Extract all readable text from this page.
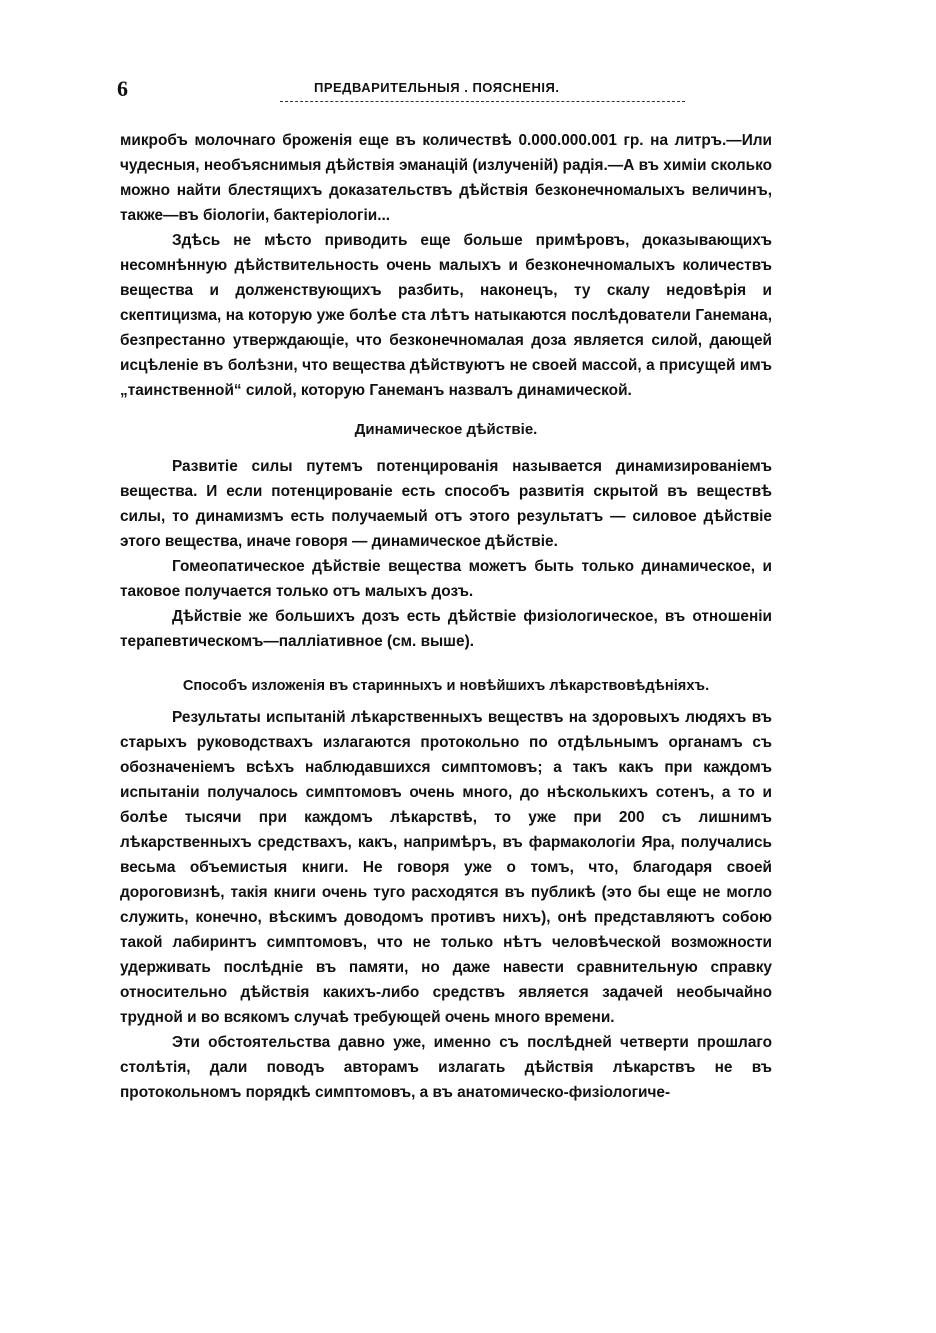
6	ПРЕДВАРИТЕЛЬНЫЯ . ПОЯСНЕНІЯ.

микробъ молочнаго броженія еще въ количествѣ 0.000.000.001 гр. на литръ.—Или чудесныя, необъяснимыя дѣйствія эманацій (излученій) радія.—А въ химіи сколько можно найти блестящихъ доказательствъ дѣйствія безконечномалыхъ величинъ, также—въ біологіи, бактеріологіи...

Здѣсь не мѣсто приводить еще больше примѣровъ, доказывающихъ несомнѣнную дѣйствительность очень малыхъ и безконечномалыхъ количествъ вещества и долженствующихъ разбить, наконецъ, ту скалу недовѣрія и скептицизма, на которую уже болѣе ста лѣтъ натыкаются послѣдователи Ганемана, безпрестанно утверждающіе, что безконечномалая доза является силой, дающей исцѣленіе въ болѣзни, что вещества дѣйствуютъ не своей массой, а присущей имъ „таинственной“ силой, которую Ганеманъ назвалъ динамической.

Динамическое дѣйствіе.

Развитіе силы путемъ потенцированія называется динамизированіемъ вещества. И если потенцированіе есть способъ развитія скрытой въ веществѣ силы, то динамизмъ есть получаемый отъ этого результатъ — силовое дѣйствіе этого вещества, иначе говоря — динамическое дѣйствіе.

Гомеопатическое дѣйствіе вещества можетъ быть только динамическое, и таковое получается только отъ малыхъ дозъ.

Дѣйствіе же большихъ дозъ есть дѣйствіе физіологическое, въ отношеніи терапевтическомъ—палліативное (см. выше).

Способъ изложенія въ старинныхъ и новѣйшихъ лѣкарствовѣдѣніяхъ.

Результаты испытаній лѣкарственныхъ веществъ на здоровыхъ людяхъ въ старыхъ руководствахъ излагаются протокольно по отдѣльнымъ органамъ съ обозначеніемъ всѣхъ наблюдавшихся симптомовъ; а такъ какъ при каждомъ испытаніи получалось симптомовъ очень много, до нѣсколькихъ сотенъ, а то и болѣе тысячи при каждомъ лѣкарствѣ, то уже при 200 съ лишнимъ лѣкарственныхъ средствахъ, какъ, напримѣръ, въ фармакологіи Яра, получались весьма объемистыя книги. Не говоря уже о томъ, что, благодаря своей дороговизнѣ, такія книги очень туго расходятся въ публикѣ (это бы еще не могло служить, конечно, вѣскимъ доводомъ противъ нихъ), онѣ представляютъ собою такой лабиринтъ симптомовъ, что не только нѣтъ человѣческой возможности удерживать послѣдніе въ памяти, но даже навести сравнительную справку относительно дѣйствія какихъ-либо средствъ является задачей необычайно трудной и во всякомъ случаѣ требующей очень много времени.

Эти обстоятельства давно уже, именно съ послѣдней четверти прошлаго столѣтія, дали поводъ авторамъ излагать дѣйствія лѣкарствъ не въ протокольномъ порядкѣ симптомовъ, а въ анатомическо-физіологиче-
